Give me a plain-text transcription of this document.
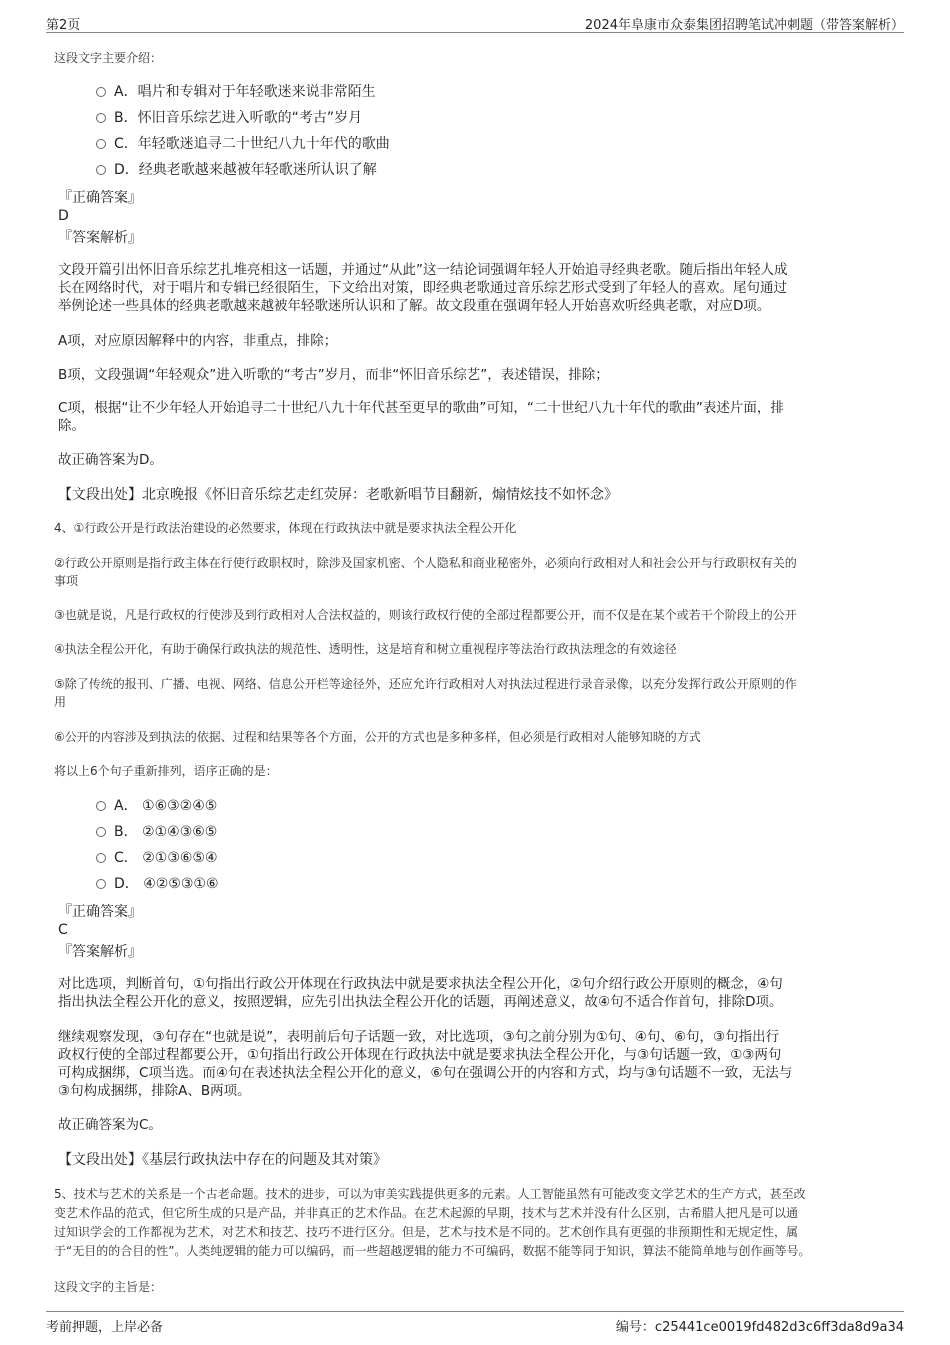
第2页	2024年阜康市众泰集团招聘笔试冲刺题（带答案解析）
这段文字主要介绍：
A．唱片和专辑对于年轻歌迷来说非常陌生
B．怀旧音乐综艺进入听歌的“考古”岁月
C．年轻歌迷追寻二十世纪八九十年代的歌曲
D．经典老歌越来越被年轻歌迷所认识了解
『正确答案』
D
『答案解析』
文段开篇引出怀旧音乐综艺扎堆亮相这一话题，并通过“从此”这一结论词强调年轻人开始追寻经典老歌。随后指出年轻人成
长在网络时代，对于唱片和专辑已经很陌生，下文给出对策，即经典老歌通过音乐综艺形式受到了年轻人的喜欢。尾句通过
举例论述一些具体的经典老歌越来越被年轻歌迷所认识和了解。故文段重在强调年轻人开始喜欢听经典老歌，对应D项。
A项，对应原因解释中的内容，非重点，排除；
B项，文段强调“年轻观众”进入听歌的“考古”岁月，而非“怀旧音乐综艺”，表述错误，排除；
C项，根据“让不少年轻人开始追寻二十世纪八九十年代甚至更早的歌曲”可知，“二十世纪八九十年代的歌曲”表述片面，排
除。
故正确答案为D。
【文段出处】北京晚报《怀旧音乐综艺走红荧屏：老歌新唱节目翻新，煽情炫技不如怀念》
4、①行政公开是行政法治建设的必然要求，体现在行政执法中就是要求执法全程公开化
②行政公开原则是指行政主体在行使行政职权时，除涉及国家机密、个人隐私和商业秘密外，必须向行政相对人和社会公开与行政职权有关的
事项
③也就是说，凡是行政权的行使涉及到行政相对人合法权益的，则该行政权行使的全部过程都要公开，而不仅是在某个或若干个阶段上的公开
④执法全程公开化，有助于确保行政执法的规范性、透明性，这是培育和树立重视程序等法治行政执法理念的有效途径
⑤除了传统的报刊、广播、电视、网络、信息公开栏等途径外，还应允许行政相对人对执法过程进行录音录像，以充分发挥行政公开原则的作
用
⑥公开的内容涉及到执法的依据、过程和结果等各个方面，公开的方式也是多种多样，但必须是行政相对人能够知晓的方式
将以上6个句子重新排列，语序正确的是：
A． ①⑥③②④⑤
B． ②①④③⑥⑤
C． ②①③⑥⑤④
D． ④②⑤③①⑥
『正确答案』
C
『答案解析』
对比选项，判断首句，①句指出行政公开体现在行政执法中就是要求执法全程公开化，②句介绍行政公开原则的概念，④句
指出执法全程公开化的意义，按照逻辑，应先引出执法全程公开化的话题，再阐述意义，故④句不适合作首句，排除D项。
继续观察发现，③句存在“也就是说”，表明前后句子话题一致，对比选项，③句之前分别为①句、④句、⑥句，③句指出行
政权行使的全部过程都要公开，①句指出行政公开体现在行政执法中就是要求执法全程公开化，与③句话题一致，①③两句
可构成捆绑，C项当选。而④句在表述执法全程公开化的意义，⑥句在强调公开的内容和方式，均与③句话题不一致，无法与
③句构成捆绑，排除A、B两项。
故正确答案为C。
【文段出处】《基层行政执法中存在的问题及其对策》
5、技术与艺术的关系是一个古老命题。技术的进步，可以为审美实践提供更多的元素。人工智能虽然有可能改变文学艺术的生产方式，甚至改
变艺术作品的范式，但它所生成的只是产品，并非真正的艺术作品。在艺术起源的早期，技术与艺术并没有什么区别，古希腊人把凡是可以通
过知识学会的工作都视为艺术，对艺术和技艺、技巧不进行区分。但是，艺术与技术是不同的。艺术创作具有更强的非预期性和无规定性，属
于“无目的的合目的性”。人类纯逻辑的能力可以编码，而一些超越逻辑的能力不可编码，数据不能等同于知识，算法不能简单地与创作画等号。
这段文字的主旨是：
考前押题，上岸必备	编号：c25441ce0019fd482d3c6ff3da8d9a34
